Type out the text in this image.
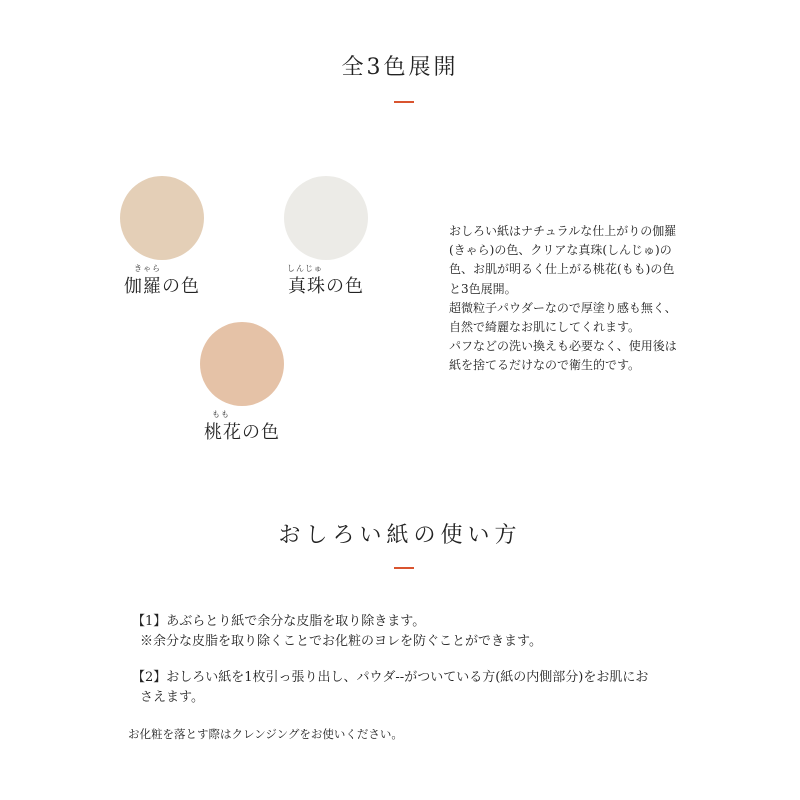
全3色展開
きゃら
伽羅の色
しんじゅ
真珠の色
もも
桃花の色

おしろい紙はナチュラルな仕上がりの伽羅

(きゃら)の色、クリアな真珠(しんじゅ)の

色、お肌が明るく仕上がる桃花(もも)の色

と3色展開。

超微粒子パウダーなので厚塗り感も無く、

自然で綺麗なお肌にしてくれます。

パフなどの洗い換えも必要なく、使用後は

紙を捨てるだけなので衛生的です。

おしろい紙の使い方

【1】あぶらとり紙で余分な皮脂を取り除きます。

※余分な皮脂を取り除くことでお化粧のヨレを防ぐことができます。

【2】おしろい紙を1枚引っ張り出し、パウダ--がついている方(紙の内側部分)をお肌にお

さえます。

お化粧を落とす際はクレンジングをお使いください。
